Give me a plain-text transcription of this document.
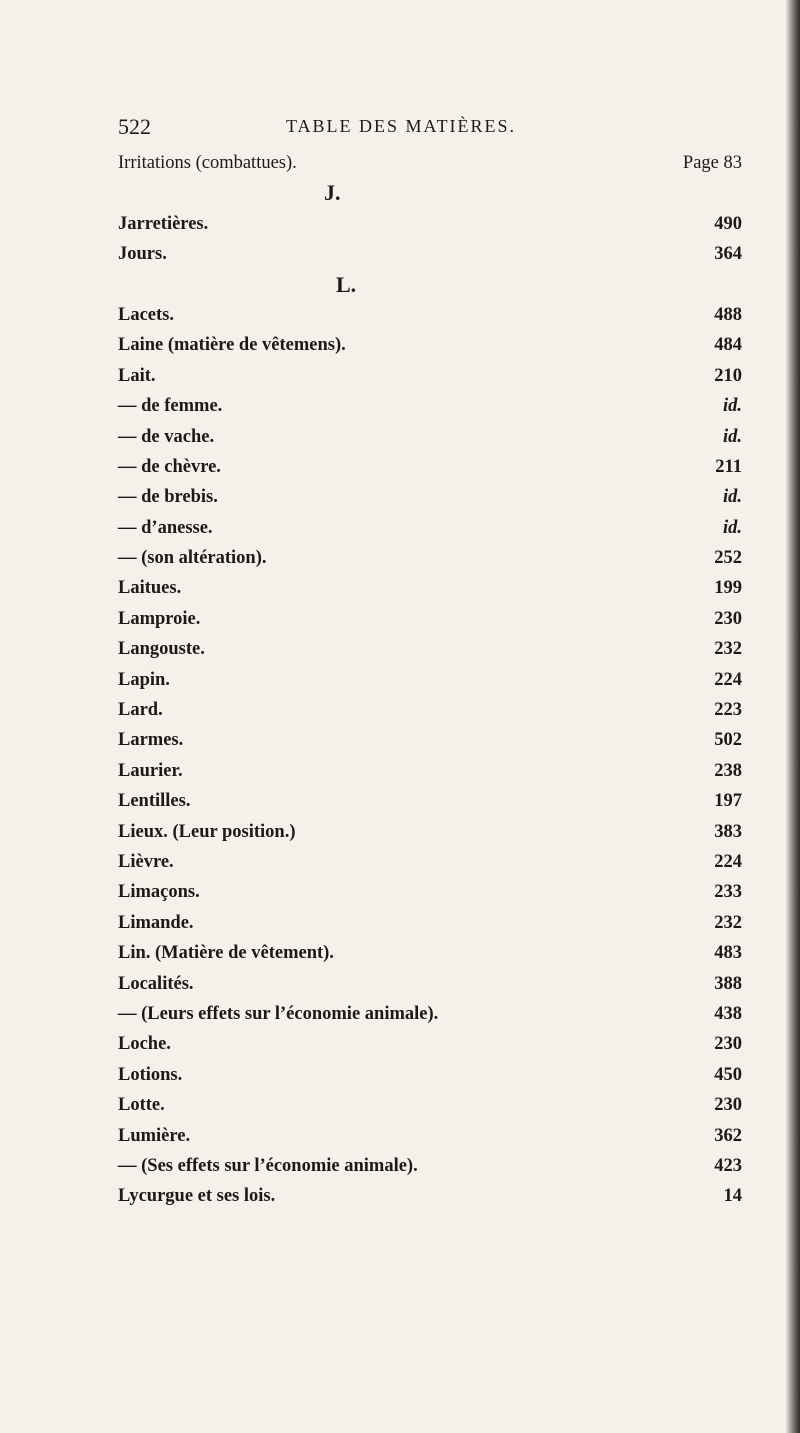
522	TABLE DES MATIÈRES.
Irritations (combattues).	Page 83
J.
Jarretières.	490
Jours.	364
L.
Lacets.	488
Laine (matière de vêtemens).	484
Lait.	210
— de femme.	id.
— de vache.	id.
— de chèvre.	211
— de brebis.	id.
— d’anesse.	id.
— (son altération).	252
Laitues.	199
Lamproie.	230
Langouste.	232
Lapin.	224
Lard.	223
Larmes.	502
Laurier.	238
Lentilles.	197
Lieux. (Leur position.)	383
Lièvre.	224
Limaçons.	233
Limande.	232
Lin. (Matière de vêtement).	483
Localités.	388
— (Leurs effets sur l’économie animale).	438
Loche.	230
Lotions.	450
Lotte.	230
Lumière.	362
— (Ses effets sur l’économie animale).	423
Lycurgue et ses lois.	14
